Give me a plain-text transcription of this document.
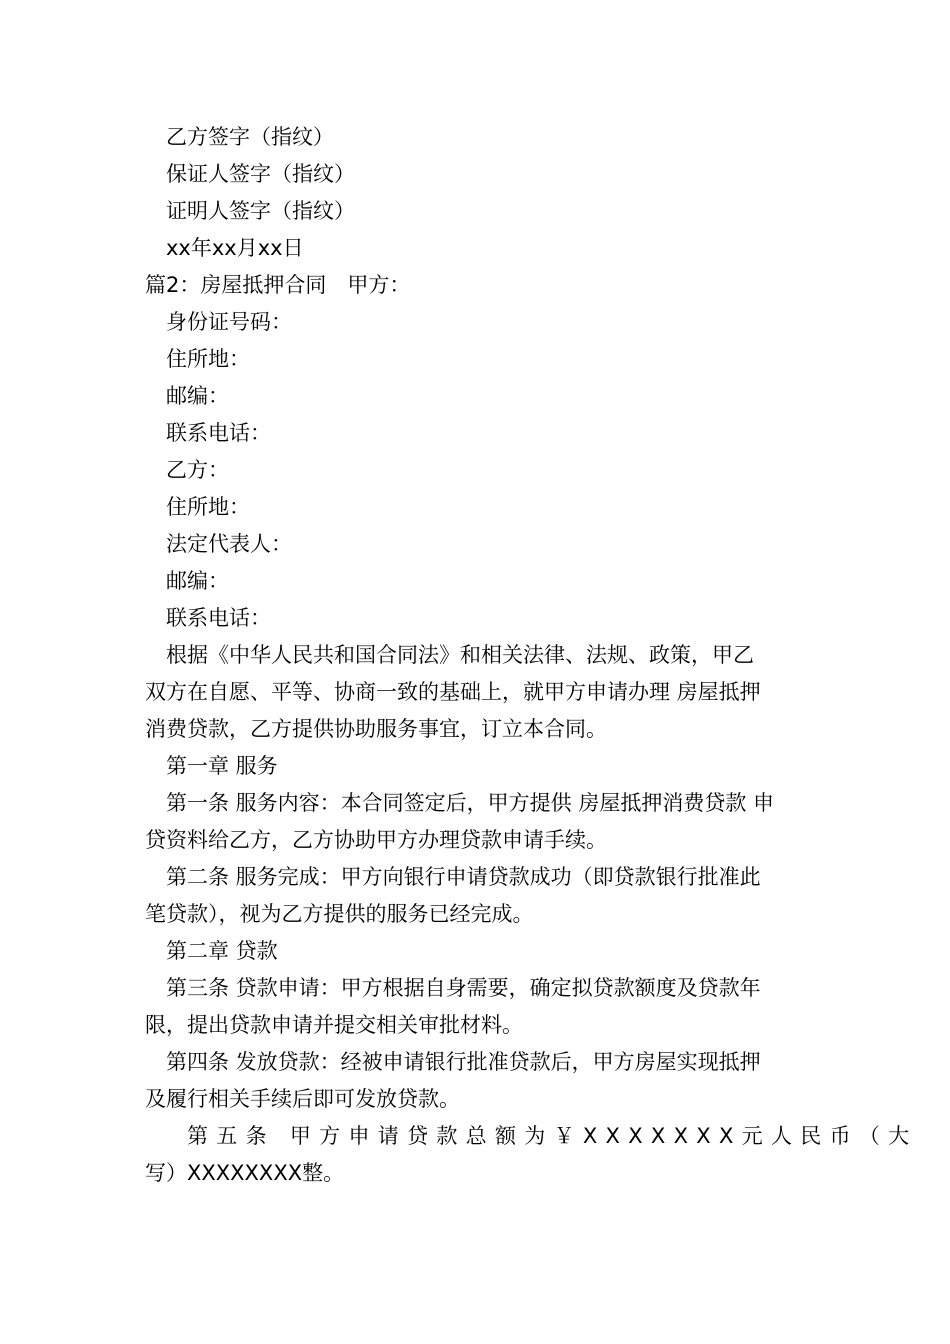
乙方签字（指纹）

保证人签字（指纹）

证明人签字（指纹）

xx年xx月xx日

篇2：房屋抵押合同　甲方：

身份证号码：

住所地：

邮编：

联系电话：

乙方：

住所地：

法定代表人：

邮编：

联系电话：

根据《中华人民共和国合同法》和相关法律、法规、政策，甲乙
双方在自愿、平等、协商一致的基础上，就甲方申请办理 房屋抵押
消费贷款，乙方提供协助服务事宜，订立本合同。

第一章 服务

第一条 服务内容：本合同签定后，甲方提供 房屋抵押消费贷款 申
贷资料给乙方，乙方协助甲方办理贷款申请手续。
第二条 服务完成：甲方向银行申请贷款成功（即贷款银行批准此
笔贷款），视为乙方提供的服务已经完成。

第二章 贷款

第三条 贷款申请：甲方根据自身需要，确定拟贷款额度及贷款年
限，提出贷款申请并提交相关审批材料。
第四条 发放贷款：经被申请银行批准贷款后，甲方房屋实现抵押
及履行相关手续后即可发放贷款。
第五条 甲方申请贷款总额为￥XXXXXXX元人民币（大
写）XXXXXXXX整。
